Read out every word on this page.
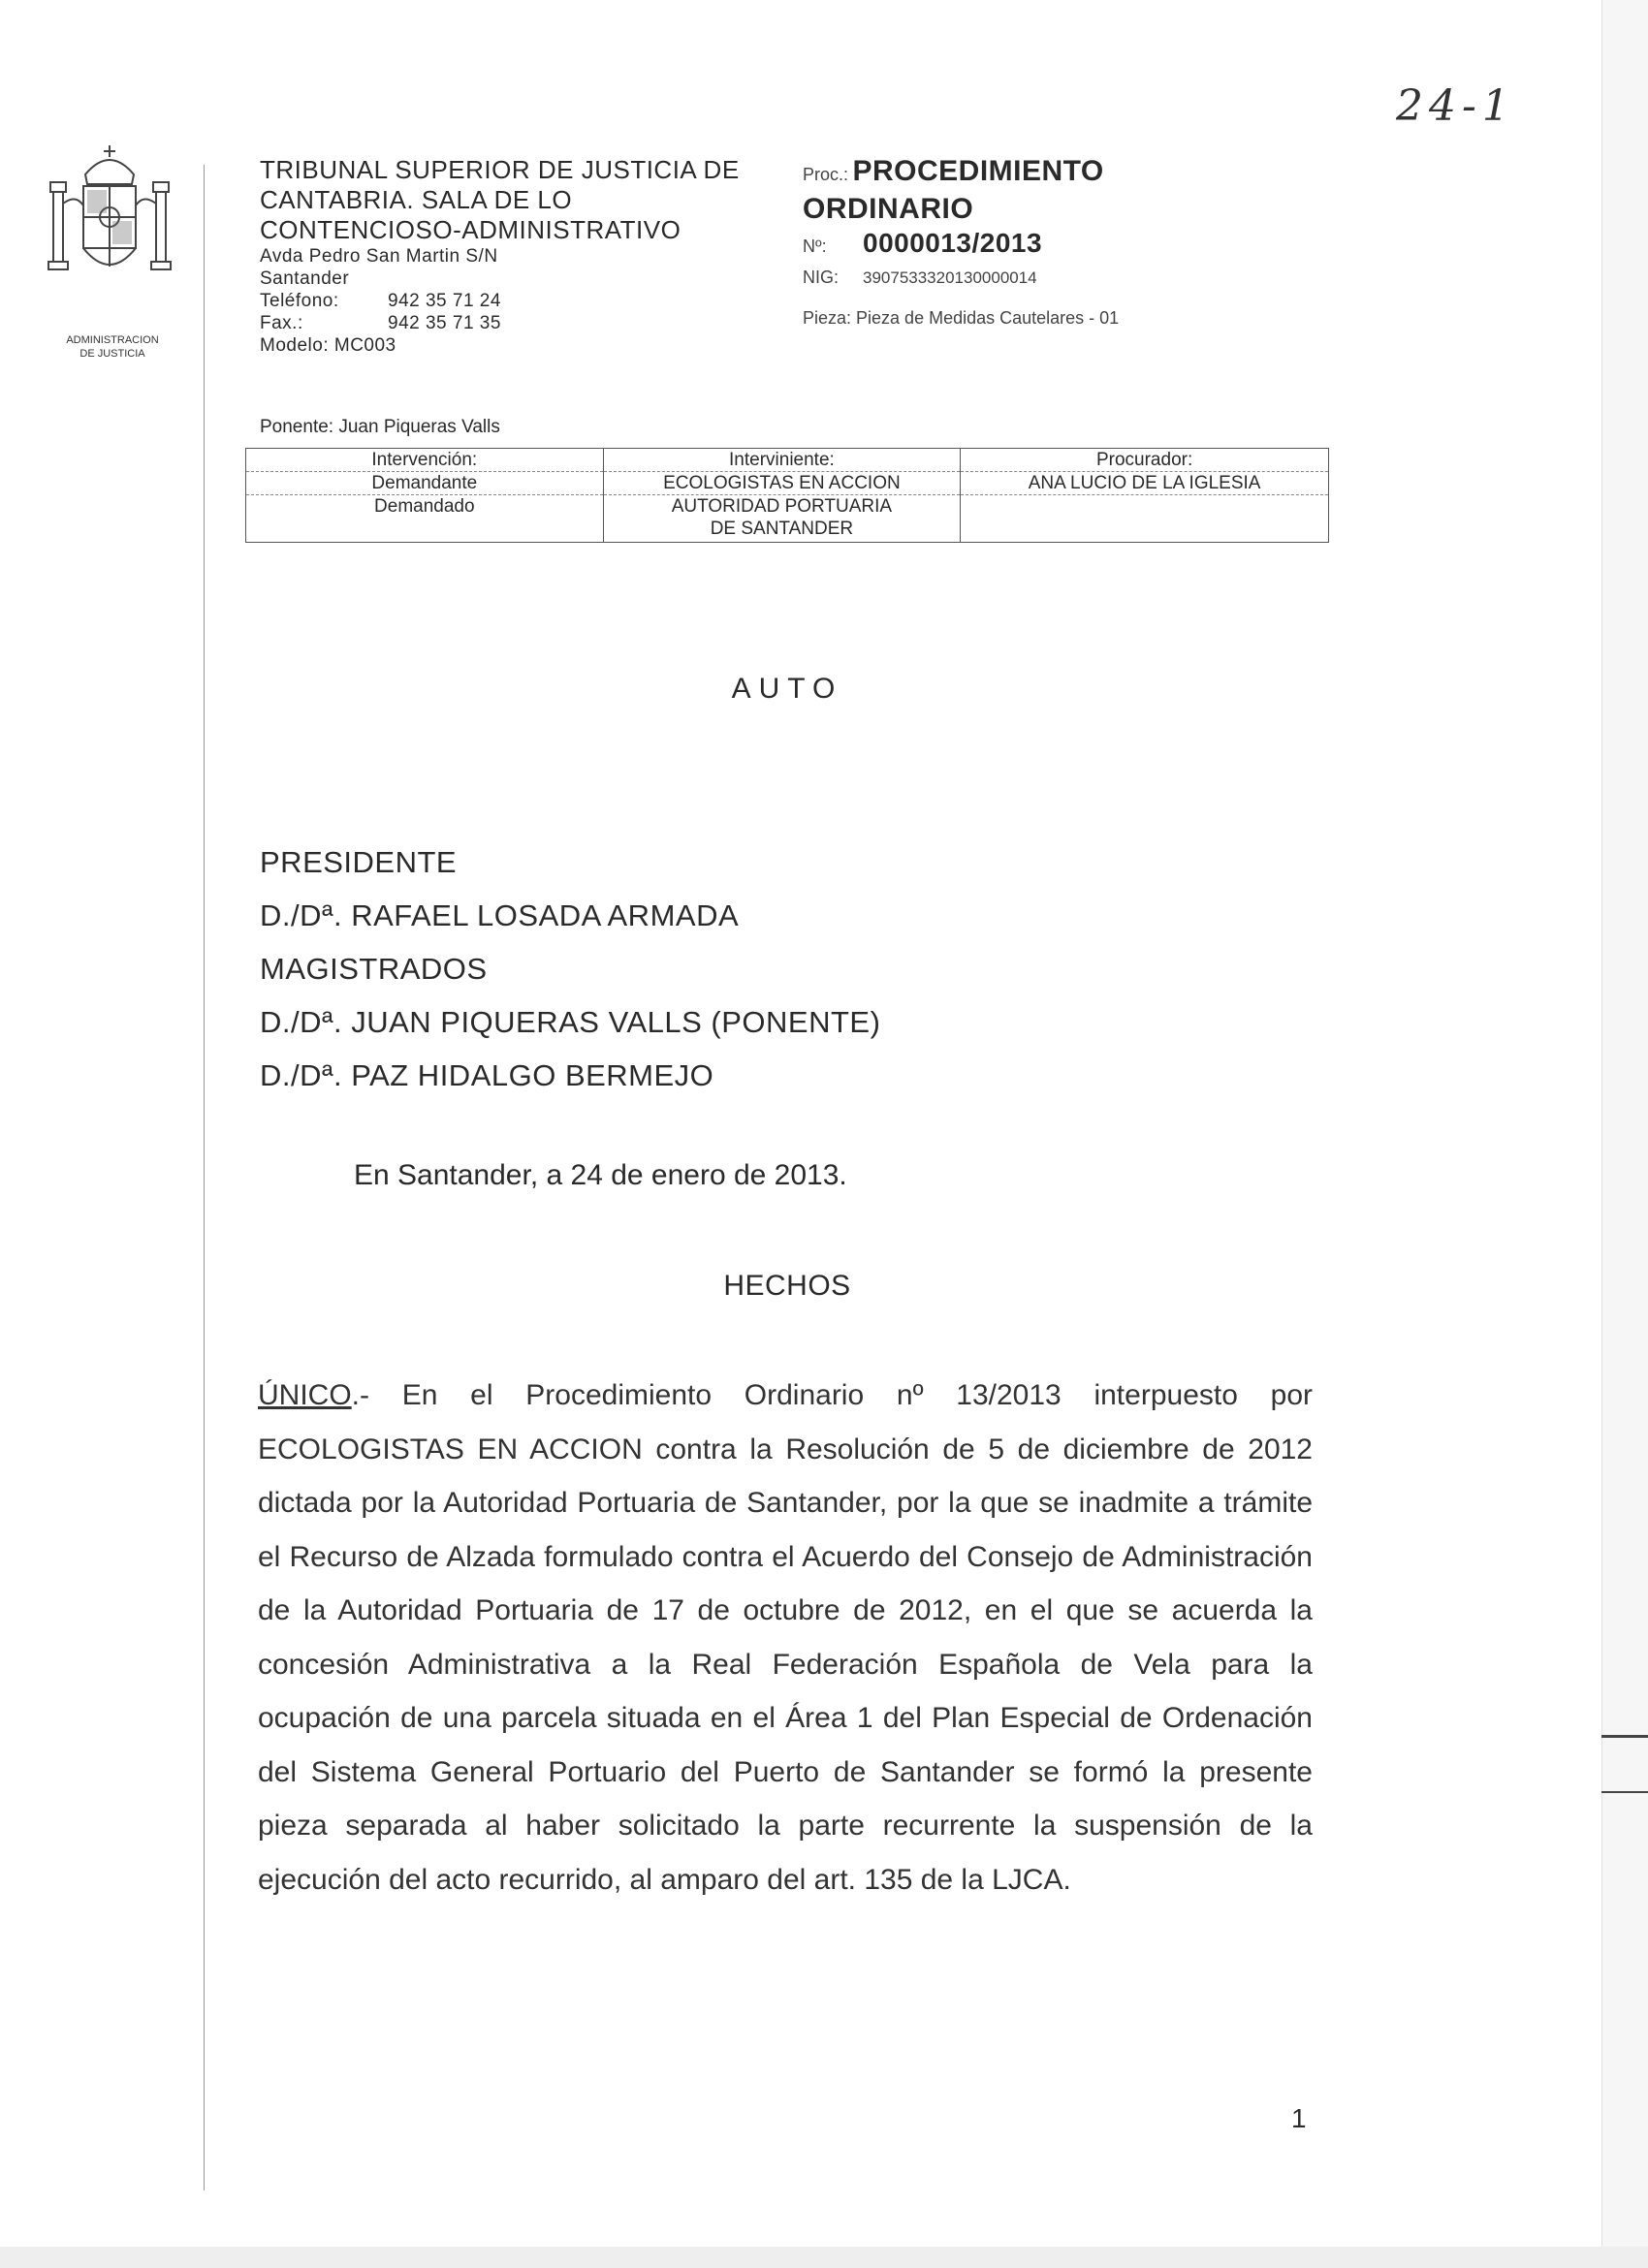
24-1
ADMINISTRACION
DE JUSTICIA
TRIBUNAL SUPERIOR DE JUSTICIA DE
CANTABRIA. SALA DE LO
CONTENCIOSO-ADMINISTRATIVO
Avda Pedro San Martin S/N
Santander
Teléfono:	942 35 71 24
Fax.:	942 35 71 35
Modelo: MC003
Proc.: PROCEDIMIENTO
ORDINARIO
Nº: 0000013/2013
NIG: 3907533320130000014
Pieza: Pieza de Medidas Cautelares - 01
Ponente: Juan Piqueras Valls
Intervención:	Interviniente:	Procurador:
Demandante	ECOLOGISTAS EN ACCION	ANA LUCIO DE LA IGLESIA
Demandado	AUTORIDAD PORTUARIA DE SANTANDER	
AUTO
PRESIDENTE
D./Dª. RAFAEL LOSADA ARMADA
MAGISTRADOS
D./Dª. JUAN PIQUERAS VALLS (PONENTE)
D./Dª. PAZ HIDALGO BERMEJO
En Santander, a 24 de enero de 2013.
HECHOS
ÚNICO.- En el Procedimiento Ordinario nº 13/2013 interpuesto por ECOLOGISTAS EN ACCION contra la Resolución de 5 de diciembre de 2012 dictada por la Autoridad Portuaria de Santander, por la que se inadmite a trámite el Recurso de Alzada formulado contra el Acuerdo del Consejo de Administración de la Autoridad Portuaria de 17 de octubre de 2012, en el que se acuerda la concesión Administrativa a la Real Federación Española de Vela para la ocupación de una parcela situada en el Área 1 del Plan Especial de Ordenación del Sistema General Portuario del Puerto de Santander se formó la presente pieza separada al haber solicitado la parte recurrente la suspensión de la ejecución del acto recurrido, al amparo del art. 135 de la LJCA.
1
